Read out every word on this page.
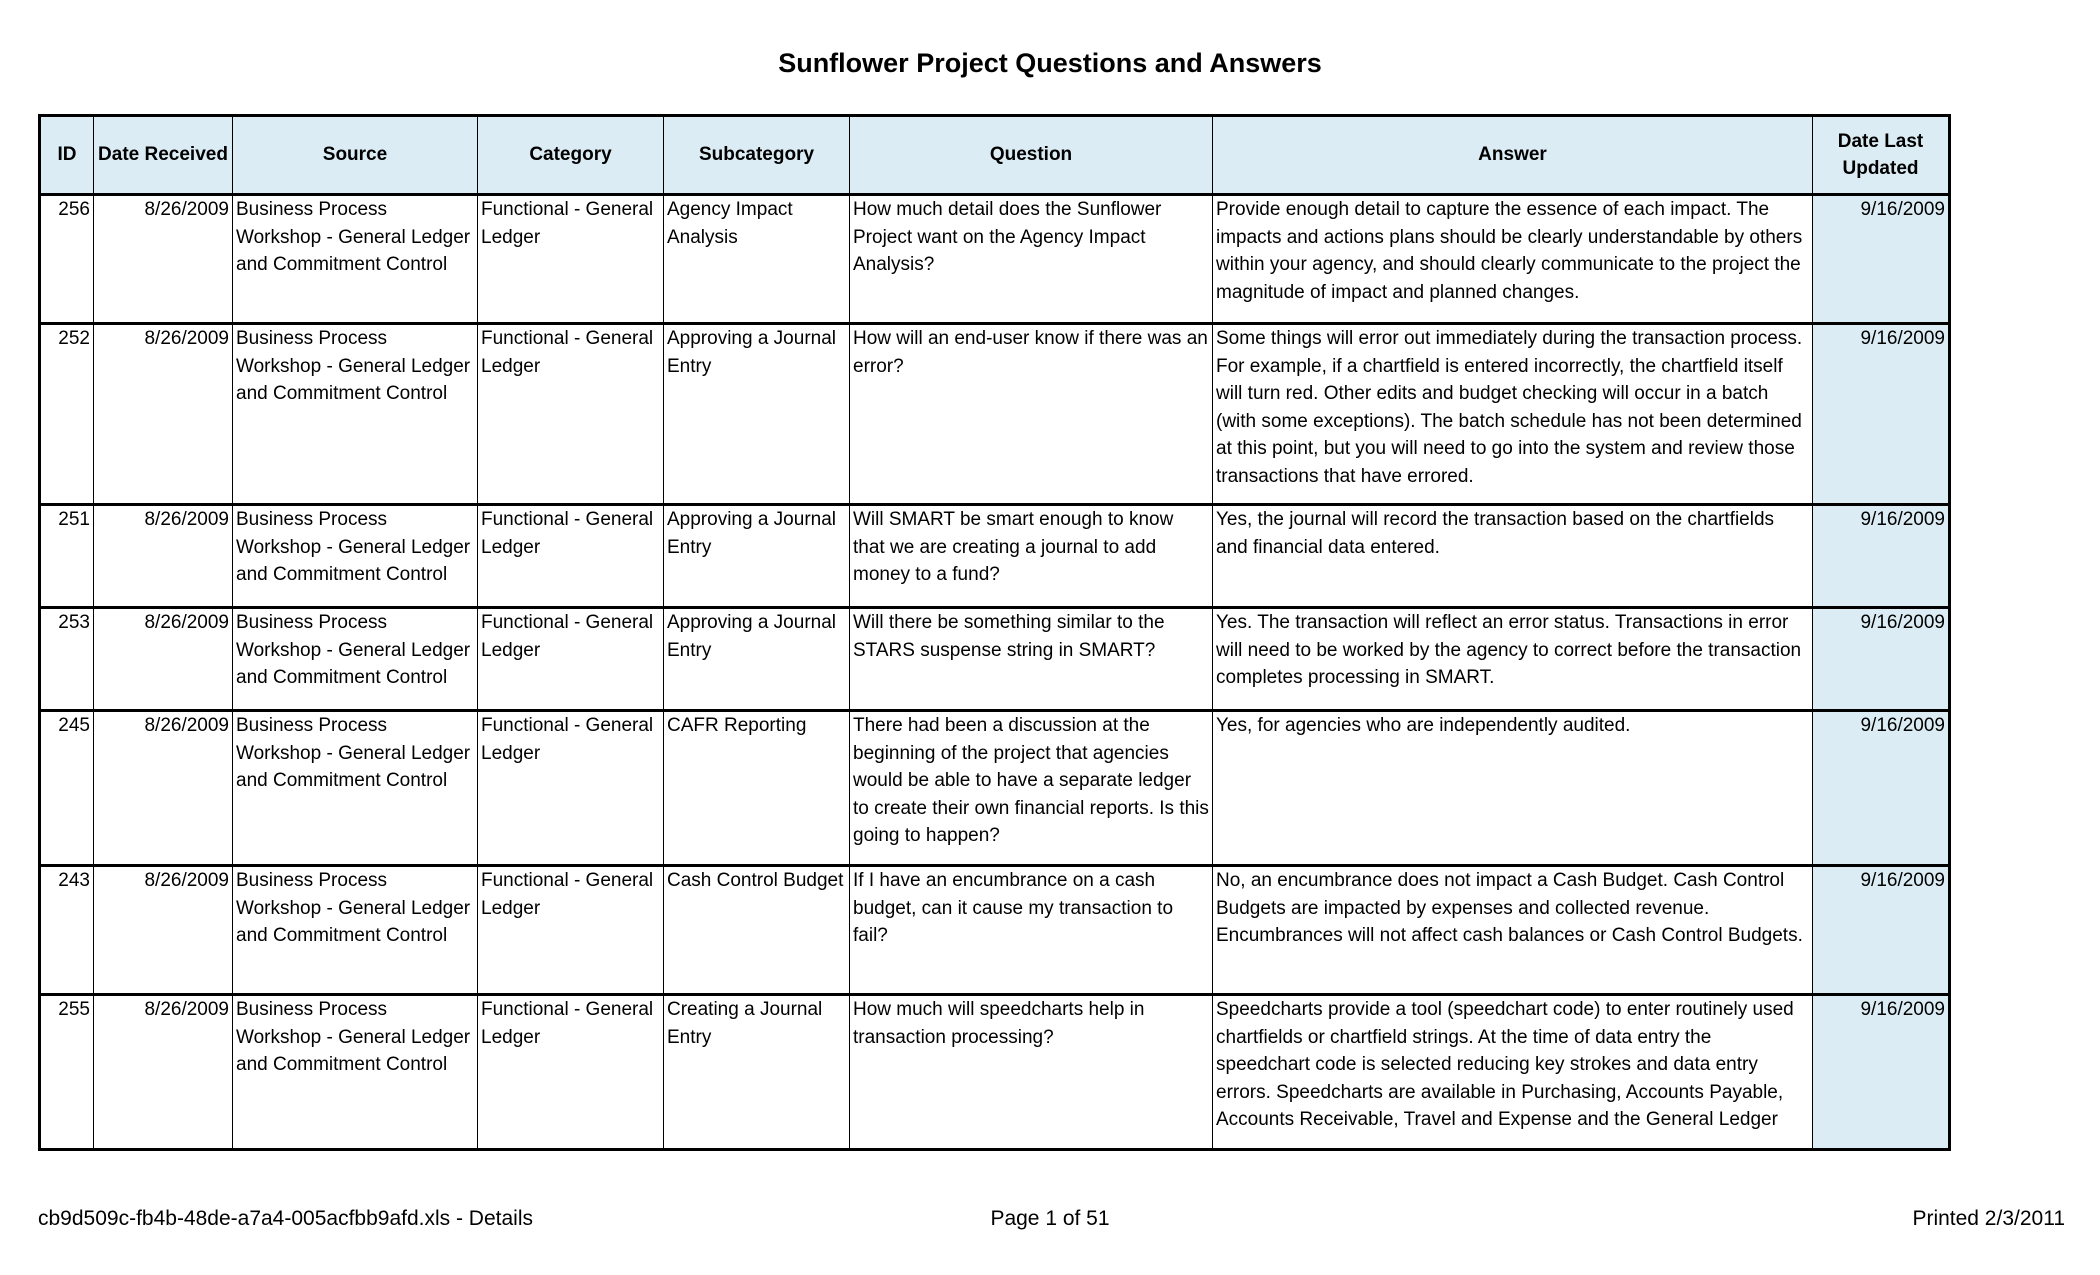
Sunflower Project Questions and Answers
ID	Date Received	Source	Category	Subcategory	Question	Answer	Date Last Updated
256	8/26/2009	Business Process Workshop - General Ledger and Commitment Control	Functional - General Ledger	Agency Impact Analysis	How much detail does the Sunflower Project want on the Agency Impact Analysis?	Provide enough detail to capture the essence of each impact. The impacts and actions plans should be clearly understandable by others within your agency, and should clearly communicate to the project the magnitude of impact and planned changes.	9/16/2009
252	8/26/2009	Business Process Workshop - General Ledger and Commitment Control	Functional - General Ledger	Approving a Journal Entry	How will an end-user know if there was an error?	Some things will error out immediately during the transaction process. For example, if a chartfield is entered incorrectly, the chartfield itself will turn red. Other edits and budget checking will occur in a batch (with some exceptions). The batch schedule has not been determined at this point, but you will need to go into the system and review those transactions that have errored.	9/16/2009
251	8/26/2009	Business Process Workshop - General Ledger and Commitment Control	Functional - General Ledger	Approving a Journal Entry	Will SMART be smart enough to know that we are creating a journal to add money to a fund?	Yes, the journal will record the transaction based on the chartfields and financial data entered.	9/16/2009
253	8/26/2009	Business Process Workshop - General Ledger and Commitment Control	Functional - General Ledger	Approving a Journal Entry	Will there be something similar to the STARS suspense string in SMART?	Yes. The transaction will reflect an error status. Transactions in error will need to be worked by the agency to correct before the transaction completes processing in SMART.	9/16/2009
245	8/26/2009	Business Process Workshop - General Ledger and Commitment Control	Functional - General Ledger	CAFR Reporting	There had been a discussion at the beginning of the project that agencies would be able to have a separate ledger to create their own financial reports. Is this going to happen?	Yes, for agencies who are independently audited.	9/16/2009
243	8/26/2009	Business Process Workshop - General Ledger and Commitment Control	Functional - General Ledger	Cash Control Budget	If I have an encumbrance on a cash budget, can it cause my transaction to fail?	No, an encumbrance does not impact a Cash Budget. Cash Control Budgets are impacted by expenses and collected revenue. Encumbrances will not affect cash balances or Cash Control Budgets.	9/16/2009
255	8/26/2009	Business Process Workshop - General Ledger and Commitment Control	Functional - General Ledger	Creating a Journal Entry	How much will speedcharts help in transaction processing?	Speedcharts provide a tool (speedchart code) to enter routinely used chartfields or chartfield strings. At the time of data entry the speedchart code is selected reducing key strokes and data entry errors. Speedcharts are available in Purchasing, Accounts Payable, Accounts Receivable, Travel and Expense and the General Ledger	9/16/2009
cb9d509c-fb4b-48de-a7a4-005acfbb9afd.xls - Details	Page 1 of 51	Printed 2/3/2011
